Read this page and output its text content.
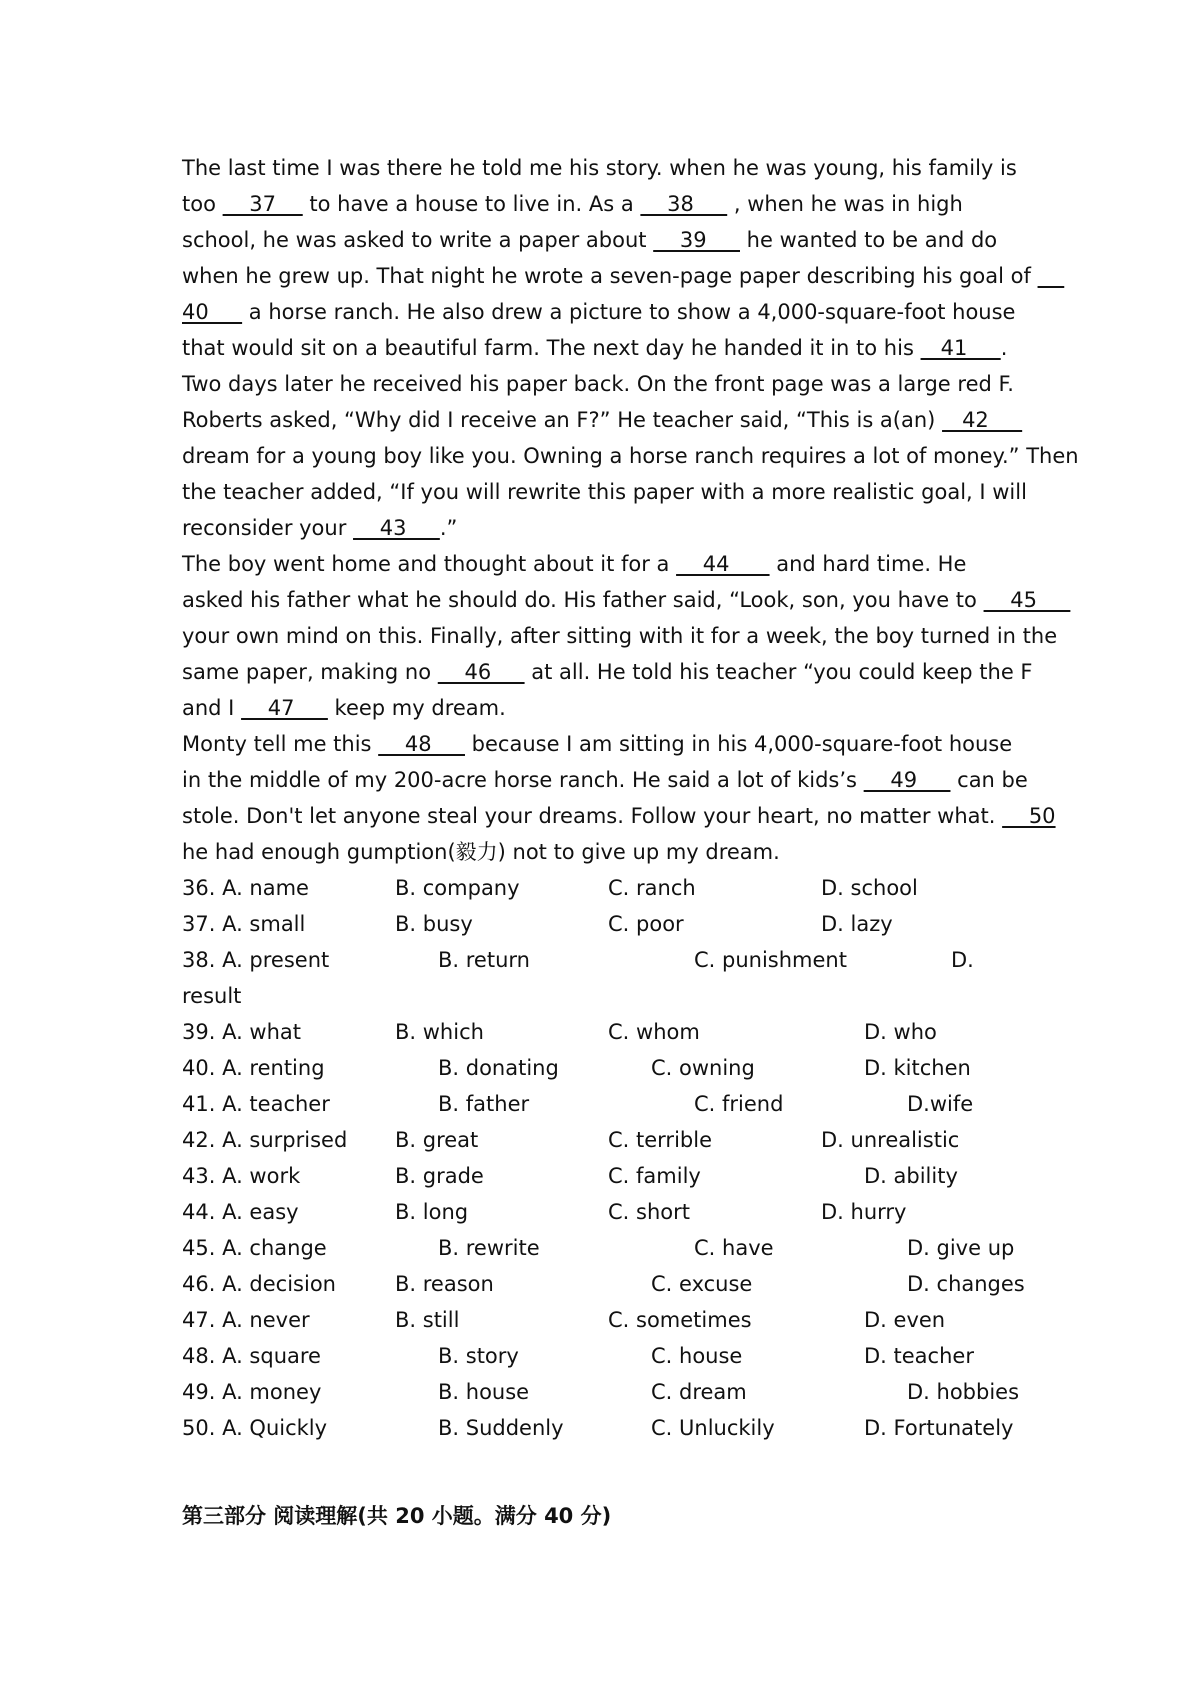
The last time I was there he told me his story. when he was young, his family is
too     37     to have a house to live in. As a     38      , when he was in high
school, he was asked to write a paper about     39      he wanted to be and do
when he grew up. That night he wrote a seven-page paper describing his goal of
40      a horse ranch. He also drew a picture to show a 4,000-square-foot house
that would sit on a beautiful farm. The next day he handed it in to his    41     .
Two days later he received his paper back. On the front page was a large red F.
Roberts asked, “Why did I receive an F?” He teacher said, “This is a(an)    42
dream for a young boy like you. Owning a horse ranch requires a lot of money.” Then
the teacher added, “If you will rewrite this paper with a more realistic goal, I will
reconsider your     43     .”
The boy went home and thought about it for a     44       and hard time. He
asked his father what he should do. His father said, “Look, son, you have to     45
your own mind on this. Finally, after sitting with it for a week, the boy turned in the
same paper, making no     46      at all. He told his teacher “you could keep the F
and I     47      keep my dream.
Monty tell me this     48      because I am sitting in his 4,000-square-foot house
in the middle of my 200-acre horse ranch. He said a lot of kids’s     49      can be
stole. Don't let anyone steal your dreams. Follow your heart, no matter what.     50
he had enough gumption(毅力) not to give up my dream.
36. A. name	B. company	C. ranch	D. school
37. A. small	B. busy	C. poor	D. lazy
38. A. present	B. return	C. punishment	D.
result
39. A. what	B. which	C. whom	D. who
40. A. renting	B. donating	C. owning	D. kitchen
41. A. teacher	B. father	C. friend	D.wife
42. A. surprised B. great	C. terrible	D. unrealistic
43. A. work	B. grade	C. family	D. ability
44. A. easy	B. long	C. short	D. hurry
45. A. change	B. rewrite	C. have	D. give up
46. A. decision	B. reason	C. excuse	D. changes
47. A. never	B. still	C. sometimes	D. even
48. A. square	B. story	C. house	D. teacher
49. A. money	B. house	C. dream	D. hobbies
50. A. Quickly	B. Suddenly	C. Unluckily	D. Fortunately
第三部分 阅读理解(共 20 小题。满分 40 分)
